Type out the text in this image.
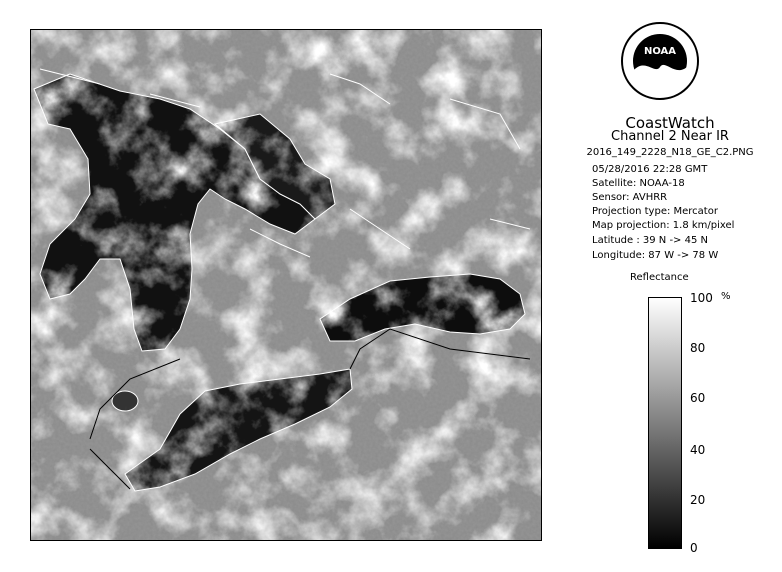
NOAA
CoastWatch
Channel 2 Near IR
2016_149_2228_N18_GE_C2.PNG
05/28/2016 22:28 GMT
Satellite: NOAA-18
Sensor: AVHRR
Projection type: Mercator
Map projection: 1.8 km/pixel
Latitude : 39 N -> 45 N
Longitude: 87 W -> 78 W
Reflectance
%
100
80
60
40
20
0
